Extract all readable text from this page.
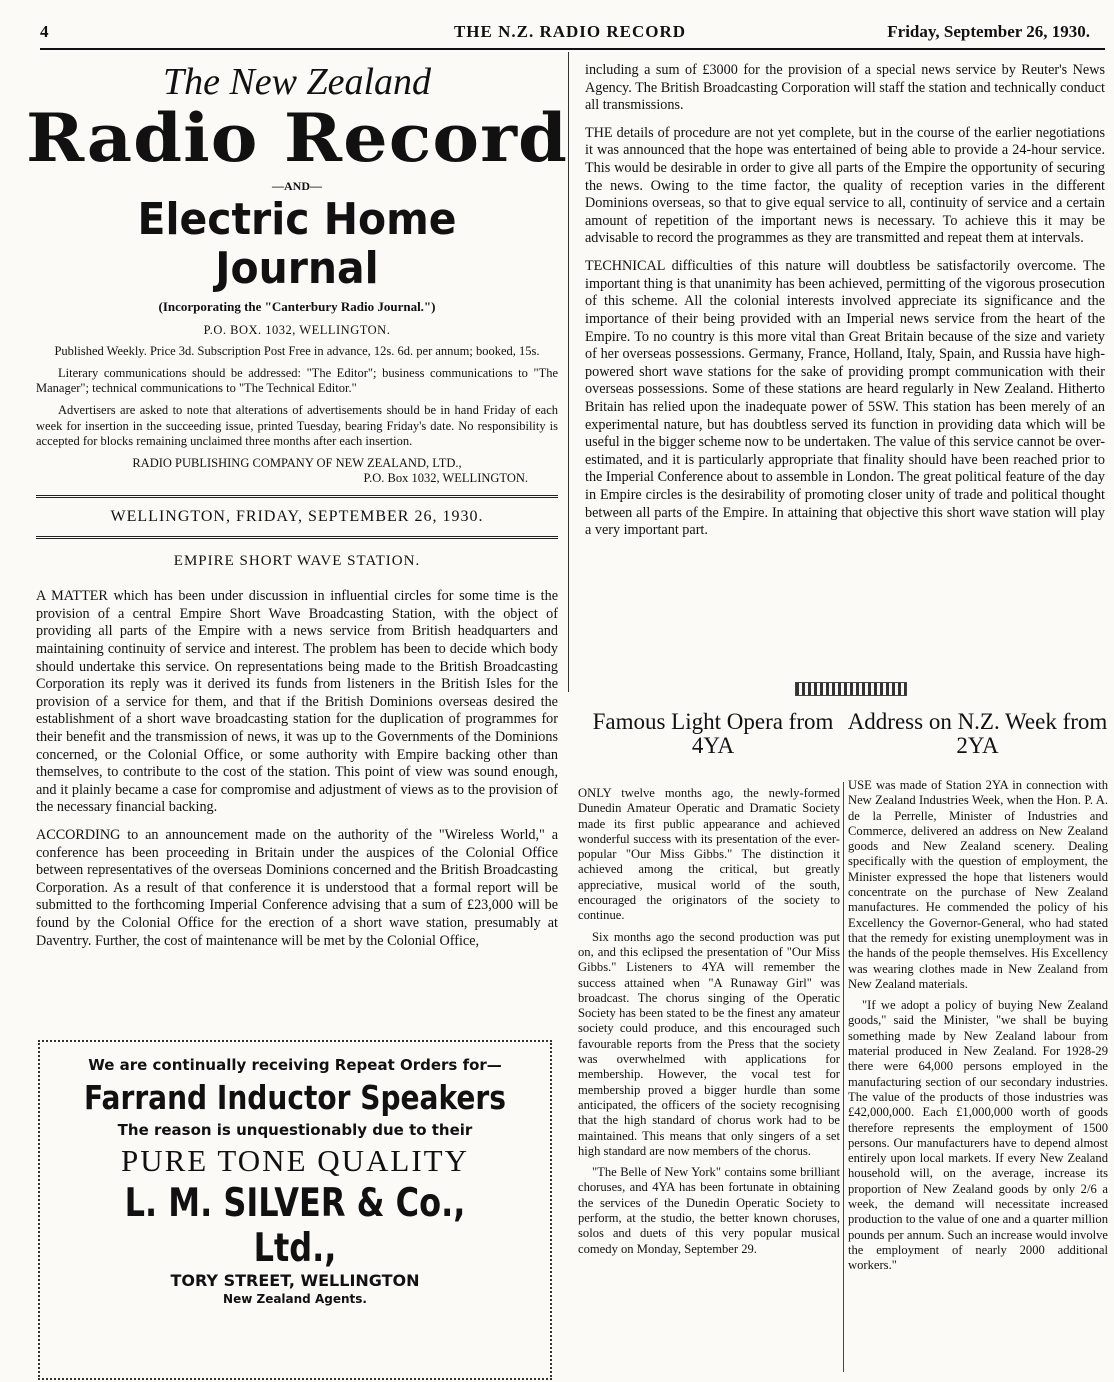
4	THE N.Z. RADIO RECORD	Friday, September 26, 1930.
The New Zealand
Radio Record
—AND—
Electric Home Journal
(Incorporating the "Canterbury Radio Journal.")
P.O. BOX. 1032, WELLINGTON.

Published Weekly. Price 3d. Subscription Post Free in advance, 12s. 6d. per annum; booked, 15s.

Literary communications should be addressed: "The Editor"; business communications to "The Manager"; technical communications to "The Technical Editor."

Advertisers are asked to note that alterations of advertisements should be in hand Friday of each week for insertion in the succeeding issue, printed Tuesday, bearing Friday's date. No responsibility is accepted for blocks remaining unclaimed three months after each insertion.

RADIO PUBLISHING COMPANY OF NEW ZEALAND, LTD.,

P.O. Box 1032, WELLINGTON.

WELLINGTON, FRIDAY, SEPTEMBER 26, 1930.
EMPIRE SHORT WAVE STATION.

A MATTER which has been under discussion in influential circles for some time is the provision of a central Empire Short Wave Broadcasting Station, with the object of providing all parts of the Empire with a news service from British headquarters and maintaining continuity of service and interest. The problem has been to decide which body should undertake this service. On representations being made to the British Broadcasting Corporation its reply was it derived its funds from listeners in the British Isles for the provision of a service for them, and that if the British Dominions overseas desired the establishment of a short wave broadcasting station for the duplication of programmes for their benefit and the transmission of news, it was up to the Governments of the Dominions concerned, or the Colonial Office, or some authority with Empire backing other than themselves, to contribute to the cost of the station. This point of view was sound enough, and it plainly became a case for compromise and adjustment of views as to the provision of the necessary financial backing.

ACCORDING to an announcement made on the authority of the "Wireless World," a conference has been proceeding in Britain under the auspices of the Colonial Office between representatives of the overseas Dominions concerned and the British Broadcasting Corporation. As a result of that conference it is understood that a formal report will be submitted to the forthcoming Imperial Conference advising that a sum of £23,000 will be found by the Colonial Office for the erection of a short wave station, presumably at Daventry. Further, the cost of maintenance will be met by the Colonial Office,

We are continually receiving Repeat Orders for—
Farrand Inductor Speakers
The reason is unquestionably due to their
PURE TONE QUALITY
L. M. SILVER & Co., Ltd.,
TORY STREET, WELLINGTON
New Zealand Agents.

including a sum of £3000 for the provision of a special news service by Reuter's News Agency. The British Broadcasting Corporation will staff the station and technically conduct all transmissions.

THE details of procedure are not yet complete, but in the course of the earlier negotiations it was announced that the hope was entertained of being able to provide a 24-hour service. This would be desirable in order to give all parts of the Empire the opportunity of securing the news. Owing to the time factor, the quality of reception varies in the different Dominions overseas, so that to give equal service to all, continuity of service and a certain amount of repetition of the important news is necessary. To achieve this it may be advisable to record the programmes as they are transmitted and repeat them at intervals.

TECHNICAL difficulties of this nature will doubtless be satisfactorily overcome. The important thing is that unanimity has been achieved, permitting of the vigorous prosecution of this scheme. All the colonial interests involved appreciate its significance and the importance of their being provided with an Imperial news service from the heart of the Empire. To no country is this more vital than Great Britain because of the size and variety of her overseas possessions. Germany, France, Holland, Italy, Spain, and Russia have high-powered short wave stations for the sake of providing prompt communication with their overseas possessions. Some of these stations are heard regularly in New Zealand. Hitherto Britain has relied upon the inadequate power of 5SW. This station has been merely of an experimental nature, but has doubtless served its function in providing data which will be useful in the bigger scheme now to be undertaken. The value of this service cannot be over-estimated, and it is particularly appropriate that finality should have been reached prior to the Imperial Conference about to assemble in London. The great political feature of the day in Empire circles is the desirability of promoting closer unity of trade and political thought between all parts of the Empire. In attaining that objective this short wave station will play a very important part.

Famous Light Opera from 4YA
Address on N.Z. Week from 2YA

ONLY twelve months ago, the newly-formed Dunedin Amateur Operatic and Dramatic Society made its first public appearance and achieved wonderful success with its presentation of the ever-popular "Our Miss Gibbs." The distinction it achieved among the critical, but greatly appreciative, musical world of the south, encouraged the originators of the society to continue.

Six months ago the second production was put on, and this eclipsed the presentation of "Our Miss Gibbs." Listeners to 4YA will remember the success attained when "A Runaway Girl" was broadcast. The chorus singing of the Operatic Society has been stated to be the finest any amateur society could produce, and this encouraged such favourable reports from the Press that the society was overwhelmed with applications for membership. However, the vocal test for membership proved a bigger hurdle than some anticipated, the officers of the society recognising that the high standard of chorus work had to be maintained. This means that only singers of a set high standard are now members of the chorus.

"The Belle of New York" contains some brilliant choruses, and 4YA has been fortunate in obtaining the services of the Dunedin Operatic Society to perform, at the studio, the better known choruses, solos and duets of this very popular musical comedy on Monday, September 29.

USE was made of Station 2YA in connection with New Zealand Industries Week, when the Hon. P. A. de la Perrelle, Minister of Industries and Commerce, delivered an address on New Zealand goods and New Zealand scenery. Dealing specifically with the question of employment, the Minister expressed the hope that listeners would concentrate on the purchase of New Zealand manufactures. He commended the policy of his Excellency the Governor-General, who had stated that the remedy for existing unemployment was in the hands of the people themselves. His Excellency was wearing clothes made in New Zealand from New Zealand materials.

"If we adopt a policy of buying New Zealand goods," said the Minister, "we shall be buying something made by New Zealand labour from material produced in New Zealand. For 1928-29 there were 64,000 persons employed in the manufacturing section of our secondary industries. The value of the products of those industries was £42,000,000. Each £1,000,000 worth of goods therefore represents the employment of 1500 persons. Our manufacturers have to depend almost entirely upon local markets. If every New Zealand household will, on the average, increase its proportion of New Zealand goods by only 2/6 a week, the demand will necessitate increased production to the value of one and a quarter million pounds per annum. Such an increase would involve the employment of nearly 2000 additional workers."
